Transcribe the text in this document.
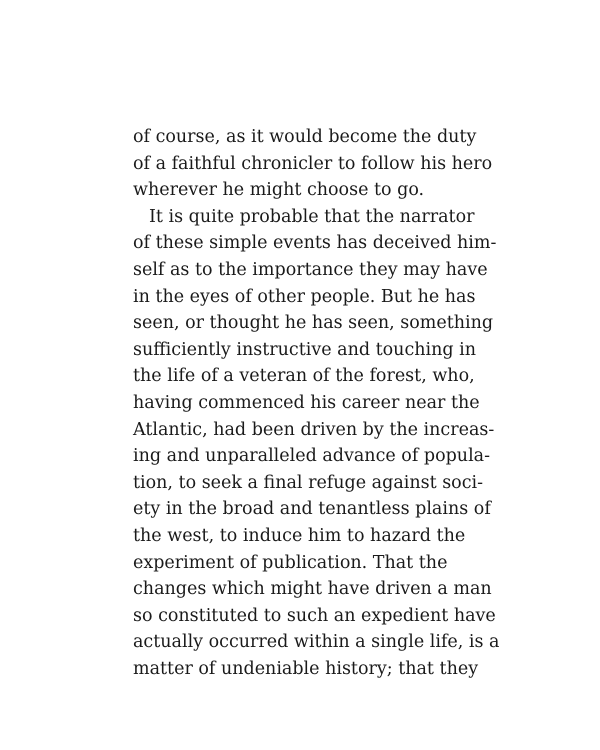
of course, as it would become the duty
of a faithful chronicler to follow his hero
wherever he might choose to go.
It is quite probable that the narrator
of these simple events has deceived him-
self as to the importance they may have
in the eyes of other people. But he has
seen, or thought he has seen, something
sufficiently instructive and touching in
the life of a veteran of the forest, who,
having commenced his career near the
Atlantic, had been driven by the increas-
ing and unparalleled advance of popula-
tion, to seek a final refuge against soci-
ety in the broad and tenantless plains of
the west, to induce him to hazard the
experiment of publication. That the
changes which might have driven a man
so constituted to such an expedient have
actually occurred within a single life, is a
matter of undeniable history; that they
